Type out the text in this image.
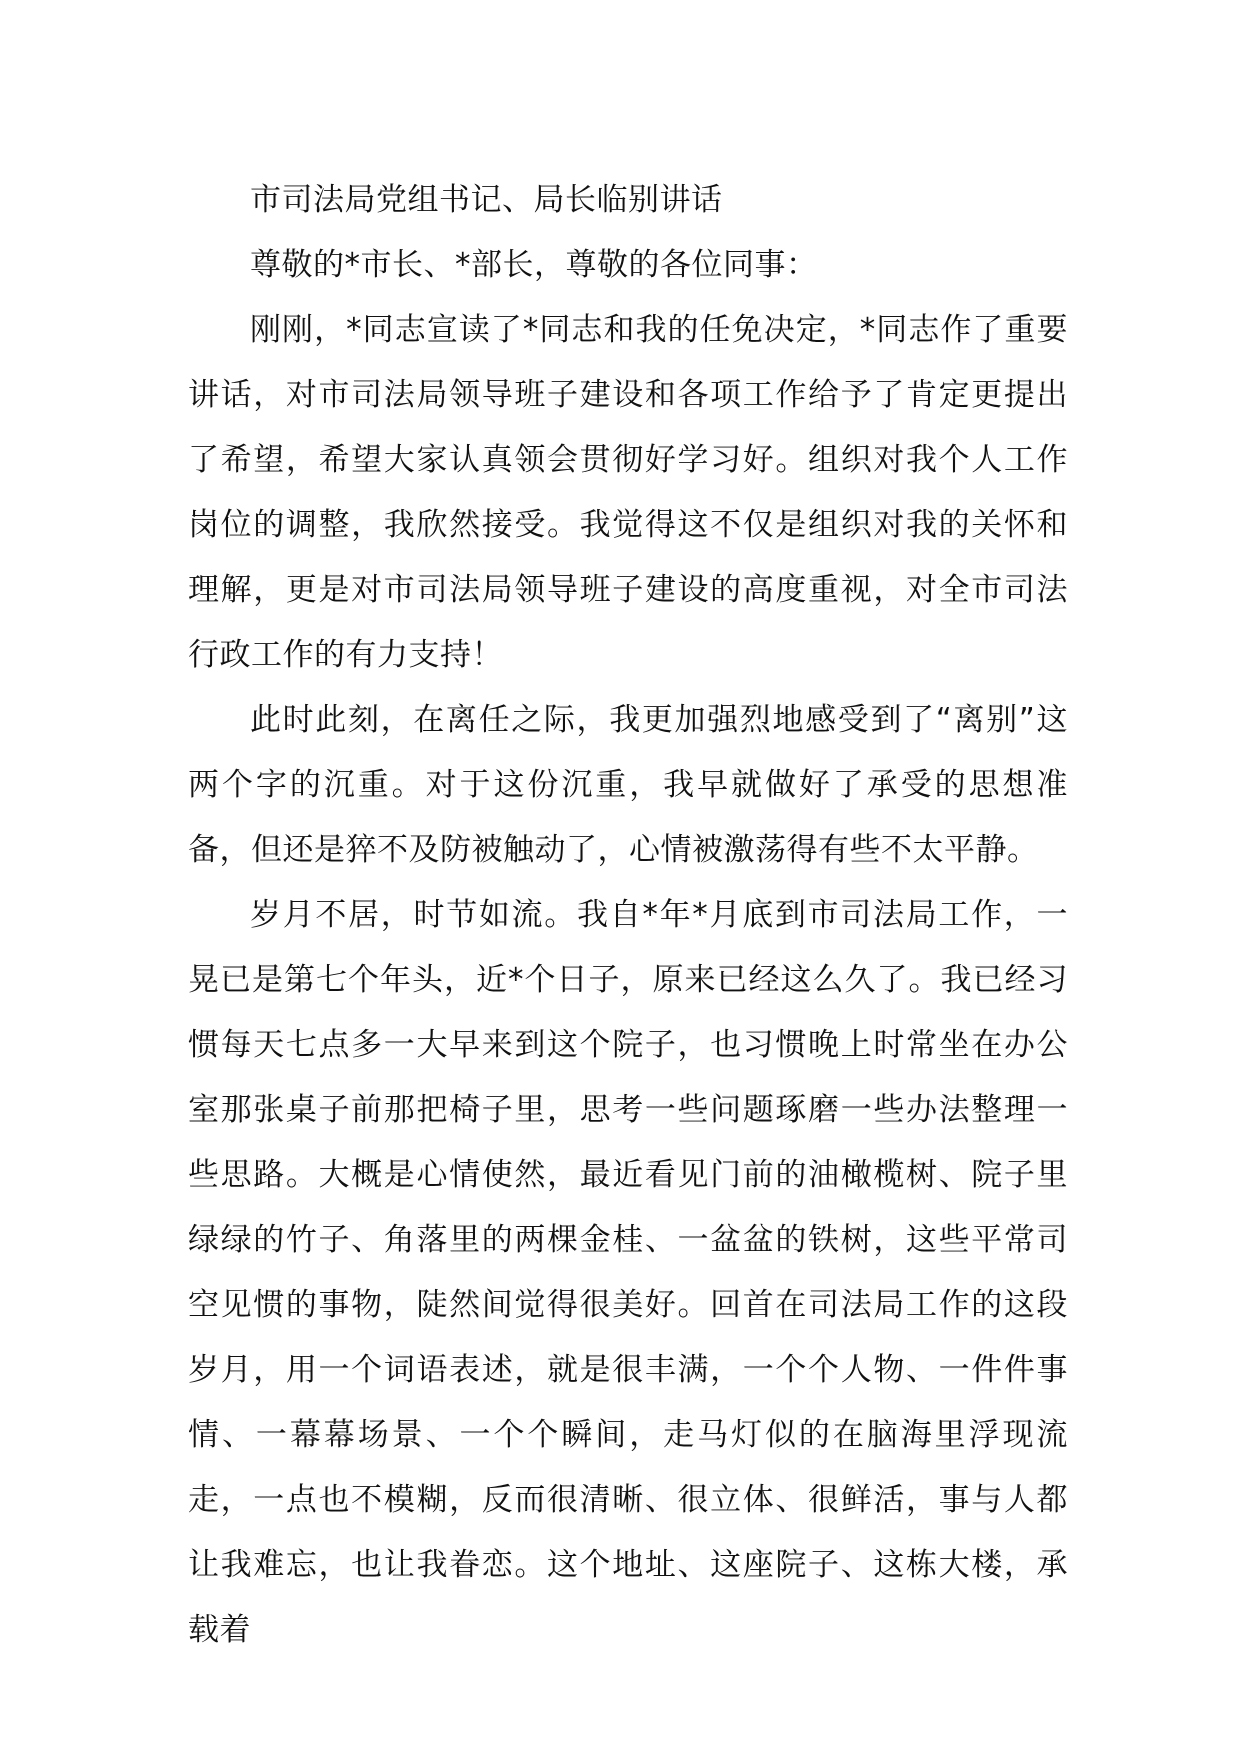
市司法局党组书记、局长临别讲话

尊敬的*市长、*部长，尊敬的各位同事：

刚刚，*同志宣读了*同志和我的任免决定，*同志作了重要讲话，对市司法局领导班子建设和各项工作给予了肯定更提出了希望，希望大家认真领会贯彻好学习好。组织对我个人工作岗位的调整，我欣然接受。我觉得这不仅是组织对我的关怀和理解，更是对市司法局领导班子建设的高度重视，对全市司法行政工作的有力支持！

此时此刻，在离任之际，我更加强烈地感受到了“离别”这两个字的沉重。对于这份沉重，我早就做好了承受的思想准备，但还是猝不及防被触动了，心情被激荡得有些不太平静。

岁月不居，时节如流。我自*年*月底到市司法局工作，一晃已是第七个年头，近*个日子，原来已经这么久了。我已经习惯每天七点多一大早来到这个院子，也习惯晚上时常坐在办公室那张桌子前那把椅子里，思考一些问题琢磨一些办法整理一些思路。大概是心情使然，最近看见门前的油橄榄树、院子里绿绿的竹子、角落里的两棵金桂、一盆盆的铁树，这些平常司空见惯的事物，陡然间觉得很美好。回首在司法局工作的这段岁月，用一个词语表述，就是很丰满，一个个人物、一件件事情、一幕幕场景、一个个瞬间，走马灯似的在脑海里浮现流走，一点也不模糊，反而很清晰、很立体、很鲜活，事与人都让我难忘，也让我眷恋。这个地址、这座院子、这栋大楼，承载着
